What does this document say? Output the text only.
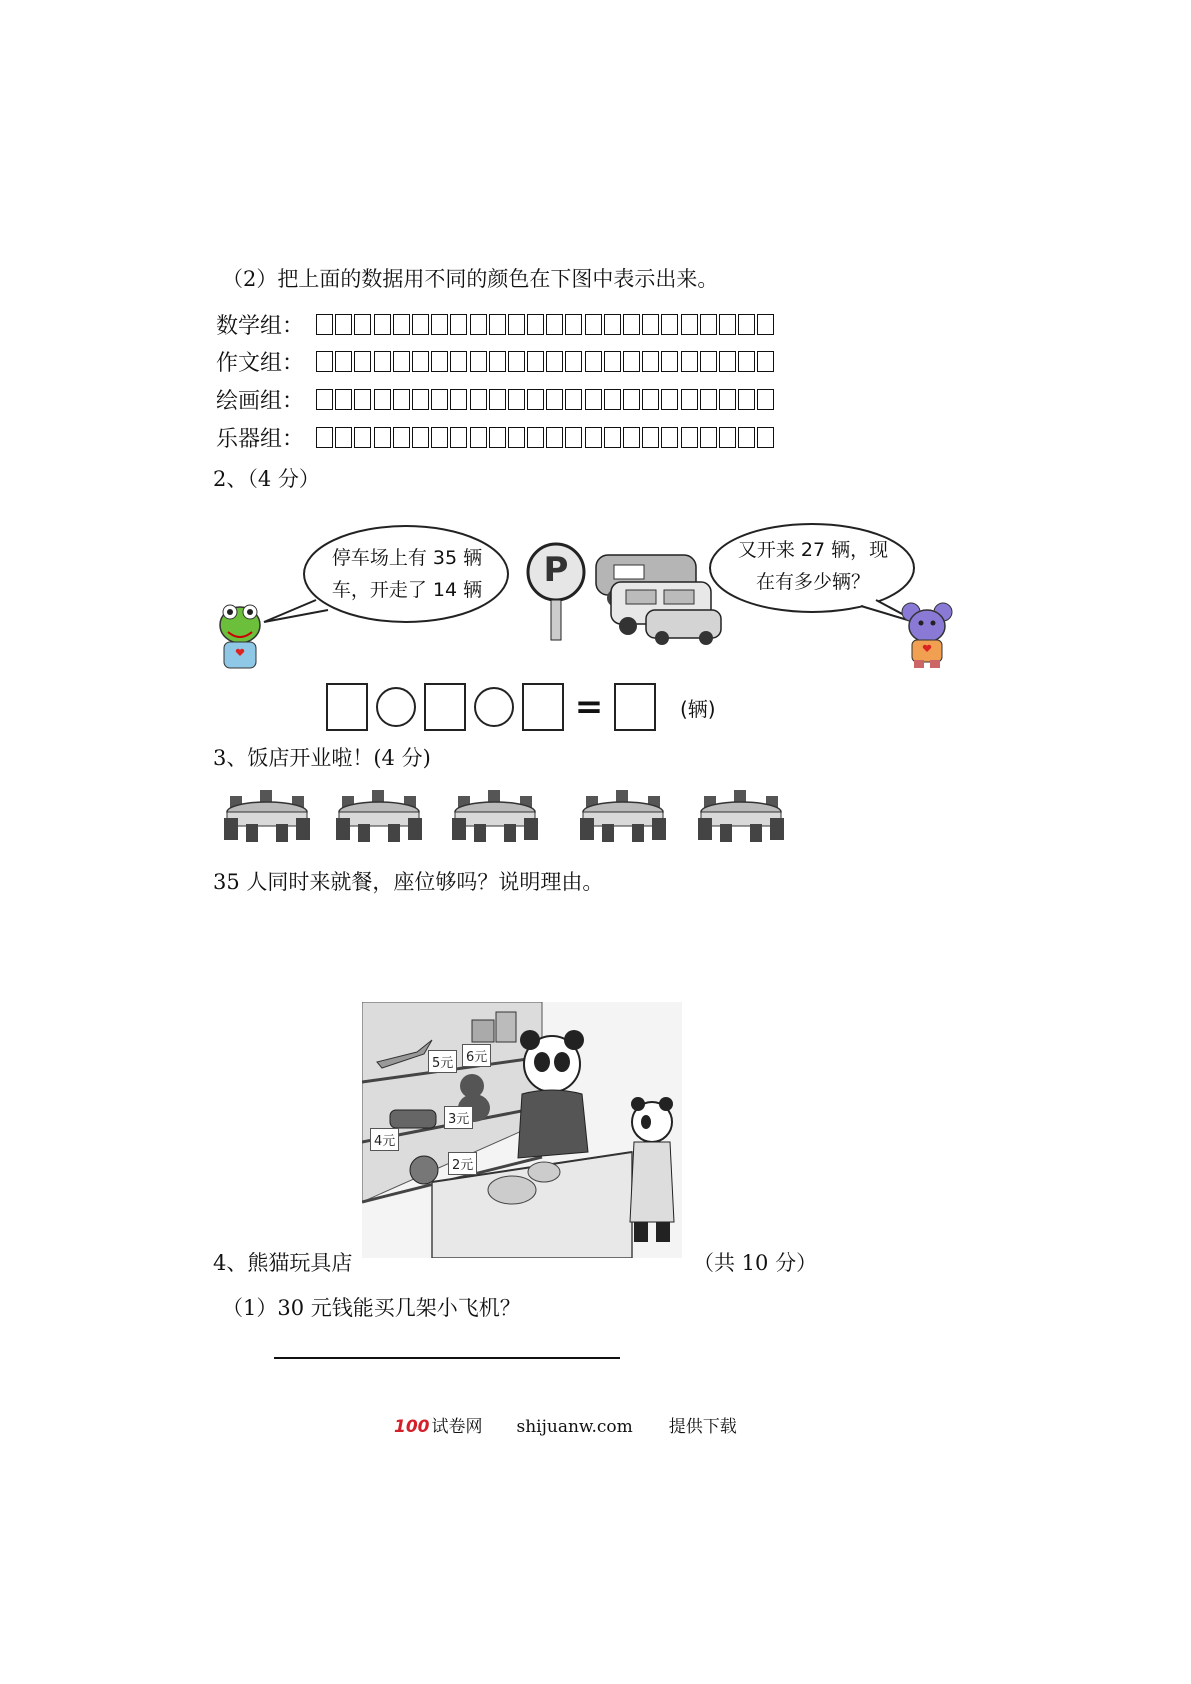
（2）把上面的数据用不同的颜色在下图中表示出来。
数学组：
作文组：
绘画组：
乐器组：
2、（4 分）
停车场上有 35 辆
车，开走了 14 辆	P	又开来 27 辆，现
在有多少辆？
=	(辆)
3、饭店开业啦！(4 分)
35 人同时来就餐，座位够吗？说明理由。
5元 6元
3元
4元
2元
4、熊猫玩具店	（共 10 分）
（1）30 元钱能买几架小飞机？
100 试卷网 shijuanw.com 提供下载
